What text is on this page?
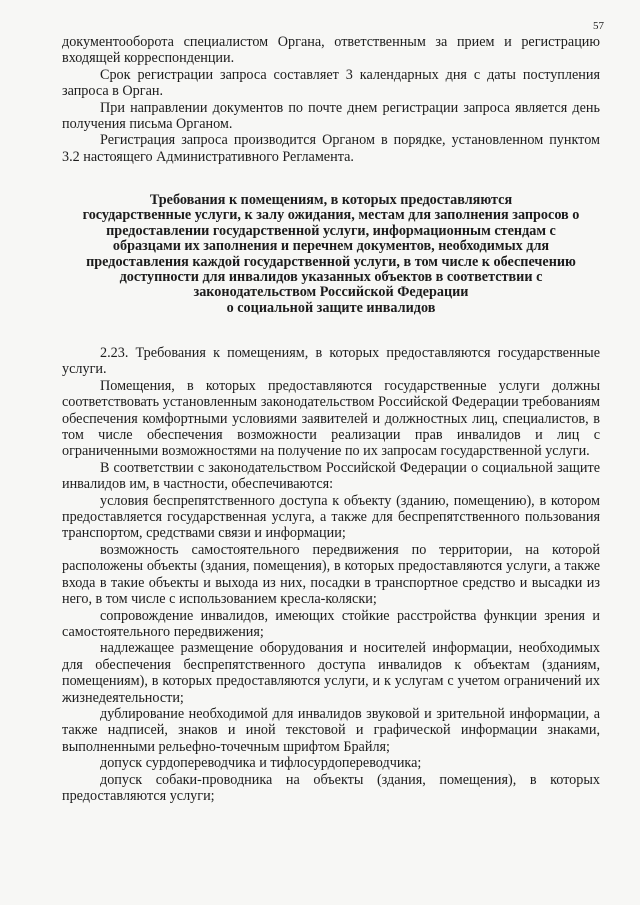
57

документооборота специалистом Органа, ответственным за прием и регистрацию входящей корреспонденции.

Срок регистрации запроса составляет 3 календарных дня с даты поступления запроса в Орган.

При направлении документов по почте днем регистрации запроса является день получения письма Органом.

Регистрация запроса производится Органом в порядке, установленном пунктом 3.2 настоящего Административного Регламента.

Требования к помещениям, в которых предоставляются
государственные услуги, к залу ожидания, местам для заполнения запросов о
предоставлении государственной услуги, информационным стендам с
образцами их заполнения и перечнем документов, необходимых для
предоставления каждой государственной услуги, в том числе к обеспечению
доступности для инвалидов указанных объектов в соответствии с
законодательством Российской Федерации
о социальной защите инвалидов

2.23. Требования к помещениям, в которых предоставляются государственные услуги.

Помещения, в которых предоставляются государственные услуги должны соответствовать установленным законодательством Российской Федерации требованиям обеспечения комфортными условиями заявителей и должностных лиц, специалистов, в том числе обеспечения возможности реализации прав инвалидов и лиц с ограниченными возможностями на получение по их запросам государственной услуги.

В соответствии с законодательством Российской Федерации о социальной защите инвалидов им, в частности, обеспечиваются:

условия беспрепятственного доступа к объекту (зданию, помещению), в котором предоставляется государственная услуга, а также для беспрепятственного пользования транспортом, средствами связи и информации;

возможность самостоятельного передвижения по территории, на которой расположены объекты (здания, помещения), в которых предоставляются услуги, а также входа в такие объекты и выхода из них, посадки в транспортное средство и высадки из него, в том числе с использованием кресла-коляски;

сопровождение инвалидов, имеющих стойкие расстройства функции зрения и самостоятельного передвижения;

надлежащее размещение оборудования и носителей информации, необходимых для обеспечения беспрепятственного доступа инвалидов к объектам (зданиям, помещениям), в которых предоставляются услуги, и к услугам с учетом ограничений их жизнедеятельности;

дублирование необходимой для инвалидов звуковой и зрительной информации, а также надписей, знаков и иной текстовой и графической информации знаками, выполненными рельефно-точечным шрифтом Брайля;

допуск сурдопереводчика и тифлосурдопереводчика;

допуск собаки-проводника на объекты (здания, помещения), в которых предоставляются услуги;
